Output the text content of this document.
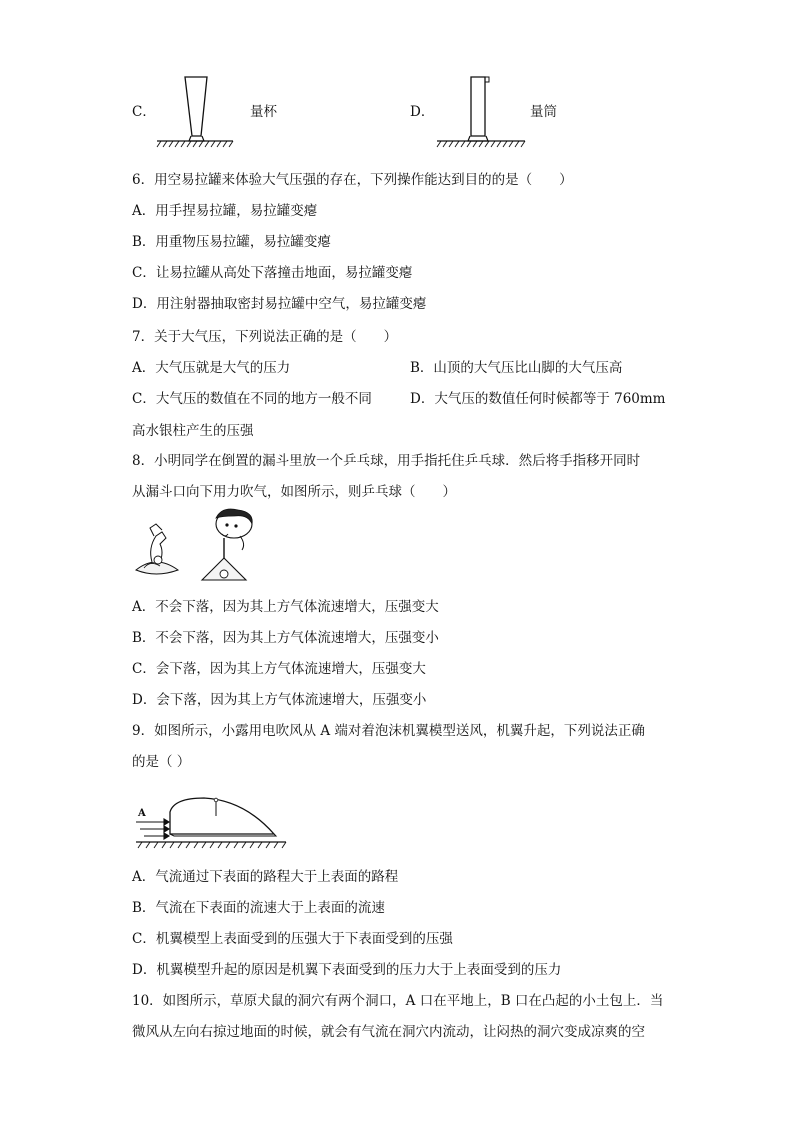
C．	量杯	D．	量筒
6．用空易拉罐来体验大气压强的存在，下列操作能达到目的的是（　　）
A．用手捏易拉罐，易拉罐变瘪
B．用重物压易拉罐，易拉罐变瘪
C．让易拉罐从高处下落撞击地面，易拉罐变瘪
D．用注射器抽取密封易拉罐中空气，易拉罐变瘪
7．关于大气压，下列说法正确的是（　　）
A．大气压就是大气的压力	B．山顶的大气压比山脚的大气压高
C．大气压的数值在不同的地方一般不同	D．大气压的数值任何时候都等于 760mm
高水银柱产生的压强
8．小明同学在倒置的漏斗里放一个乒乓球，用手指托住乒乓球．然后将手指移开同时
从漏斗口向下用力吹气，如图所示，则乒乓球（　　）
A．不会下落，因为其上方气体流速增大，压强变大
B．不会下落，因为其上方气体流速增大，压强变小
C．会下落，因为其上方气体流速增大，压强变大
D．会下落，因为其上方气体流速增大，压强变小
9．如图所示，小露用电吹风从 A 端对着泡沫机翼模型送风，机翼升起，下列说法正确
的是（ ）
A
A．气流通过下表面的路程大于上表面的路程
B．气流在下表面的流速大于上表面的流速
C．机翼模型上表面受到的压强大于下表面受到的压强
D．机翼模型升起的原因是机翼下表面受到的压力大于上表面受到的压力
10．如图所示，草原犬鼠的洞穴有两个洞口，A 口在平地上，B 口在凸起的小土包上．当
微风从左向右掠过地面的时候，就会有气流在洞穴内流动，让闷热的洞穴变成凉爽的空
